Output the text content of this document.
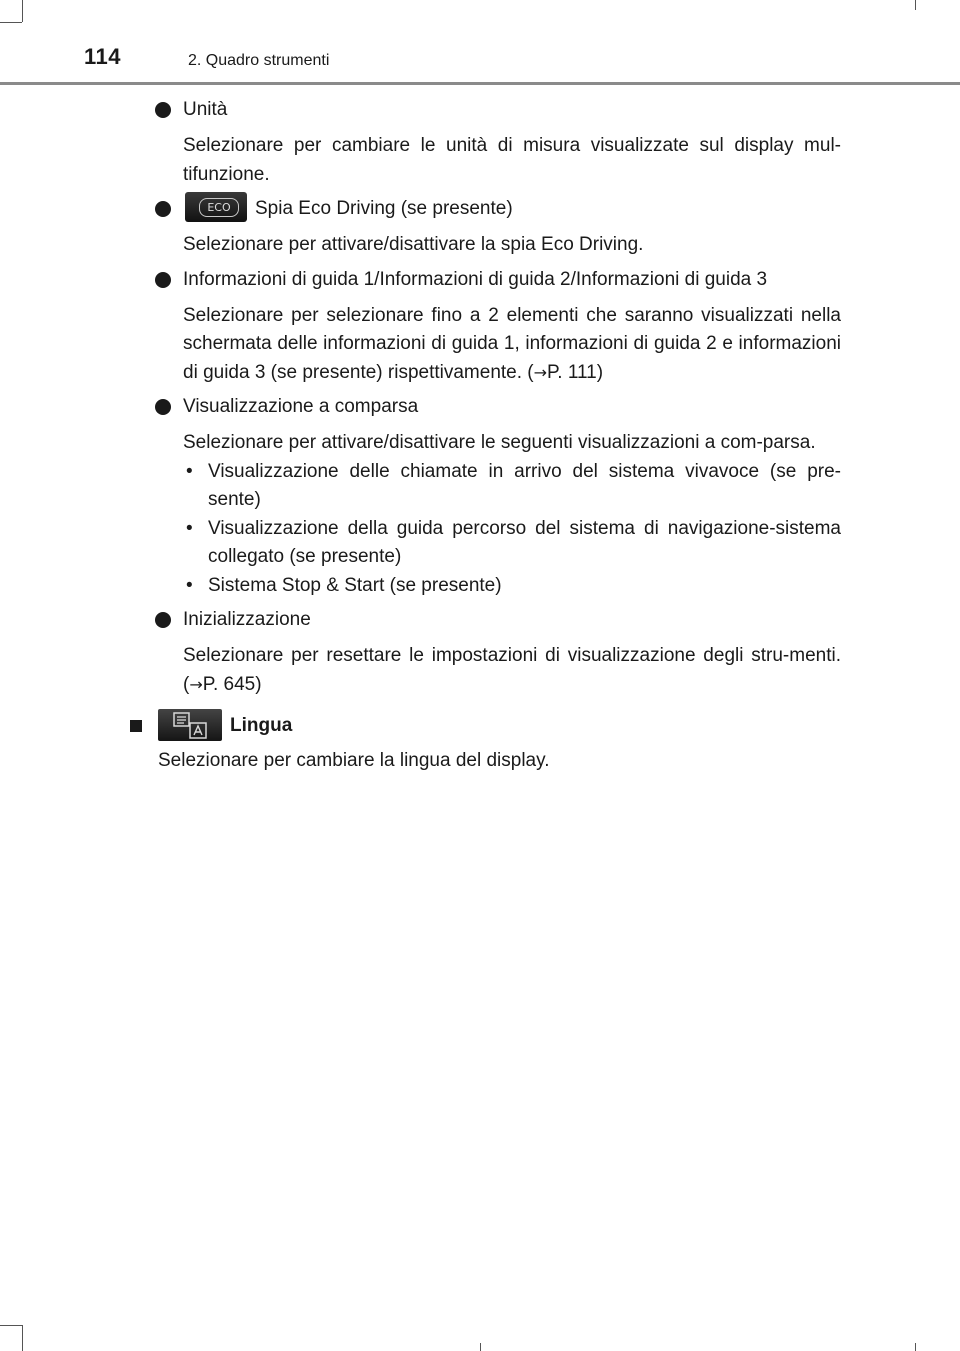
114	2. Quadro strumenti
Unità
Selezionare per cambiare le unità di misura visualizzate sul display mul-tifunzione.
ECO	Spia Eco Driving (se presente)
Selezionare per attivare/disattivare la spia Eco Driving.
Informazioni di guida 1/Informazioni di guida 2/Informazioni di guida 3
Selezionare per selezionare fino a 2 elementi che saranno visualizzati nella schermata delle informazioni di guida 1, informazioni di guida 2 e informazioni di guida 3 (se presente) rispettivamente. (→P. 111)
Visualizzazione a comparsa
Selezionare per attivare/disattivare le seguenti visualizzazioni a com-parsa.
• Visualizzazione delle chiamate in arrivo del sistema vivavoce (se pre-sente)
• Visualizzazione della guida percorso del sistema di navigazione-sistema collegato (se presente)
• Sistema Stop & Start (se presente)
Inizializzazione
Selezionare per resettare le impostazioni di visualizzazione degli stru-menti. (→P. 645)
Lingua
Selezionare per cambiare la lingua del display.
